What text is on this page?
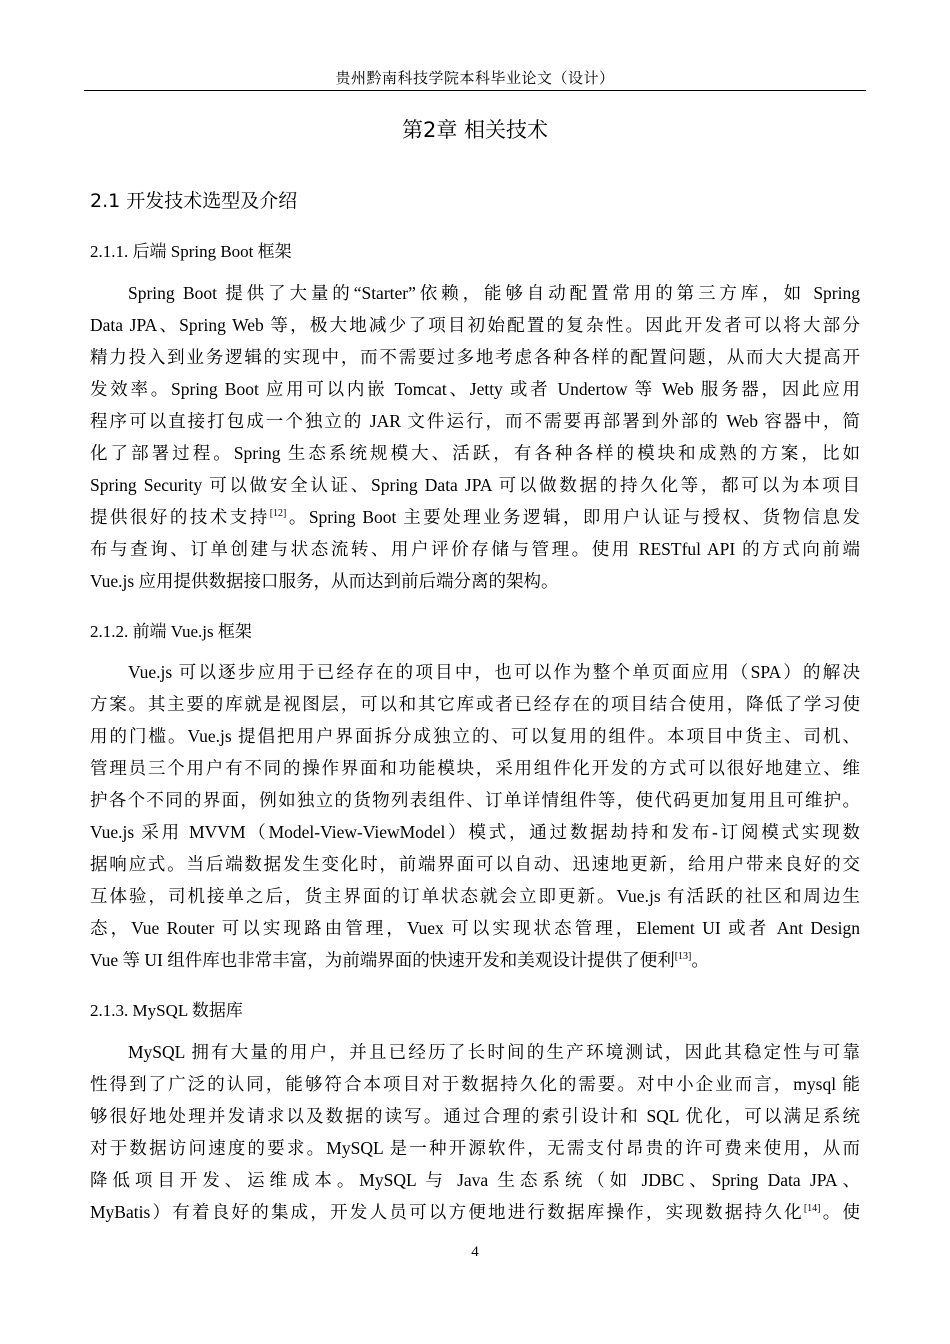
贵州黔南科技学院本科毕业论文（设计）
第2章 相关技术
2.1 开发技术选型及介绍
2.1.1. 后端 Spring Boot 框架
Spring Boot 提供了大量的“Starter”依赖，能够自动配置常用的第三方库，如 Spring
Data JPA、Spring Web 等，极大地减少了项目初始配置的复杂性。因此开发者可以将大部分
精力投入到业务逻辑的实现中，而不需要过多地考虑各种各样的配置问题，从而大大提高开
发效率。Spring Boot 应用可以内嵌 Tomcat、Jetty 或者 Undertow 等 Web 服务器，因此应用
程序可以直接打包成一个独立的 JAR 文件运行，而不需要再部署到外部的 Web 容器中，简
化了部署过程。Spring 生态系统规模大、活跃，有各种各样的模块和成熟的方案，比如
Spring Security 可以做安全认证、Spring Data JPA 可以做数据的持久化等，都可以为本项目
提供很好的技术支持[12]。Spring Boot 主要处理业务逻辑，即用户认证与授权、货物信息发
布与查询、订单创建与状态流转、用户评价存储与管理。使用 RESTful API 的方式向前端
Vue.js 应用提供数据接口服务，从而达到前后端分离的架构。
2.1.2. 前端 Vue.js 框架
Vue.js 可以逐步应用于已经存在的项目中，也可以作为整个单页面应用（SPA）的解决
方案。其主要的库就是视图层，可以和其它库或者已经存在的项目结合使用，降低了学习使
用的门槛。Vue.js 提倡把用户界面拆分成独立的、可以复用的组件。本项目中货主、司机、
管理员三个用户有不同的操作界面和功能模块，采用组件化开发的方式可以很好地建立、维
护各个不同的界面，例如独立的货物列表组件、订单详情组件等，使代码更加复用且可维护。
Vue.js 采用 MVVM（Model-View-ViewModel）模式，通过数据劫持和发布-订阅模式实现数
据响应式。当后端数据发生变化时，前端界面可以自动、迅速地更新，给用户带来良好的交
互体验，司机接单之后，货主界面的订单状态就会立即更新。Vue.js 有活跃的社区和周边生
态，Vue Router 可以实现路由管理，Vuex 可以实现状态管理，Element UI 或者 Ant Design
Vue 等 UI 组件库也非常丰富，为前端界面的快速开发和美观设计提供了便利[13]。
2.1.3. MySQL 数据库
MySQL 拥有大量的用户，并且已经历了长时间的生产环境测试，因此其稳定性与可靠
性得到了广泛的认同，能够符合本项目对于数据持久化的需要。对中小企业而言，mysql 能
够很好地处理并发请求以及数据的读写。通过合理的索引设计和 SQL 优化，可以满足系统
对于数据访问速度的要求。MySQL 是一种开源软件，无需支付昂贵的许可费来使用，从而
降低项目开发、运维成本。MySQL 与 Java 生态系统（如 JDBC、Spring Data JPA、
MyBatis）有着良好的集成，开发人员可以方便地进行数据库操作，实现数据持久化[14]。使
4
